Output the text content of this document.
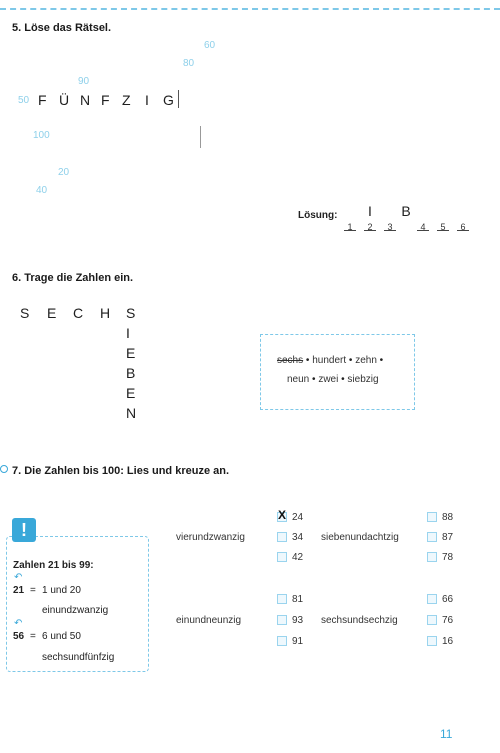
5. Löse das Rätsel.
60
80
90
50
100
20
40
F Ü N F Z I G
Lösung: I B
1	2	3	4	5	6
6. Trage die Zahlen ein.
S E C H S
I
E
B
E
N
sechs • hundert • zehn •
neun • zwei • siebzig
7. Die Zahlen bis 100: Lies und kreuze an.
!
Zahlen 21 bis 99:
↶
21 = 1 und 20
einundzwanzig
↶
56 = 6 und 50
sechsundfünfzig
vierundzwanzig
X 24
34
42
siebenundachtzig
88
87
78
einundneunzig
81
93
91
sechsundsechzig
66
76
16
11
